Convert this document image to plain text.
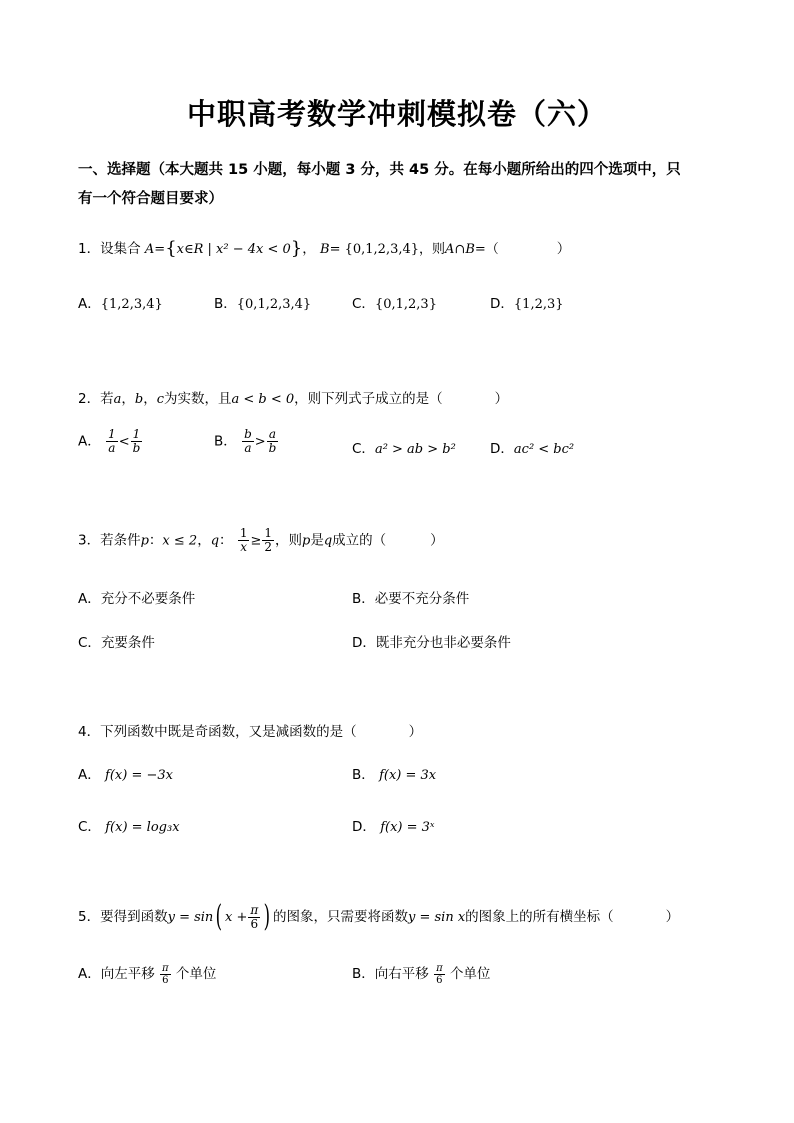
中职高考数学冲刺模拟卷（六）
一、选择题（本大题共 15 小题，每小题 3 分，共 45 分。在每小题所给出的四个选项中，只
有一个符合题目要求）
1．设集合 A={x∈R | x² − 4x < 0}， B= {0,1,2,3,4}，则A∩B=（	）
A．{1,2,3,4}	B．{0,1,2,3,4}	C．{0,1,2,3}	D．{1,2,3}
2．若a，b，c为实数，且a < b < 0，则下列式子成立的是（	）
A． $\frac{1}{a} < \frac{1}{b}$	B． $\frac{b}{a} > \frac{a}{b}$	C．a² > ab > b²	D．ac² < bc²
3．若条件p：x ≤ 2，q： $\frac{1}{x} \ge \frac{1}{2}$ ，则p是q成立的（	）
A．充分不必要条件	B．必要不充分条件
C．充要条件	D．既非充分也非必要条件
4．下列函数中既是奇函数，又是减函数的是（	）
A． f(x) = −3x	B． f(x) = 3x
C． f(x) = log₃x	D． f(x) = 3ˣ
5．要得到函数y = sin( $x + \frac{\pi}{6}$ ) 的图象，只需要将函数y = sin x的图象上的所有横坐标（	）
A．向左平移 $\frac{\pi}{6}$ 个单位	B．向右平移 $\frac{\pi}{6}$ 个单位
